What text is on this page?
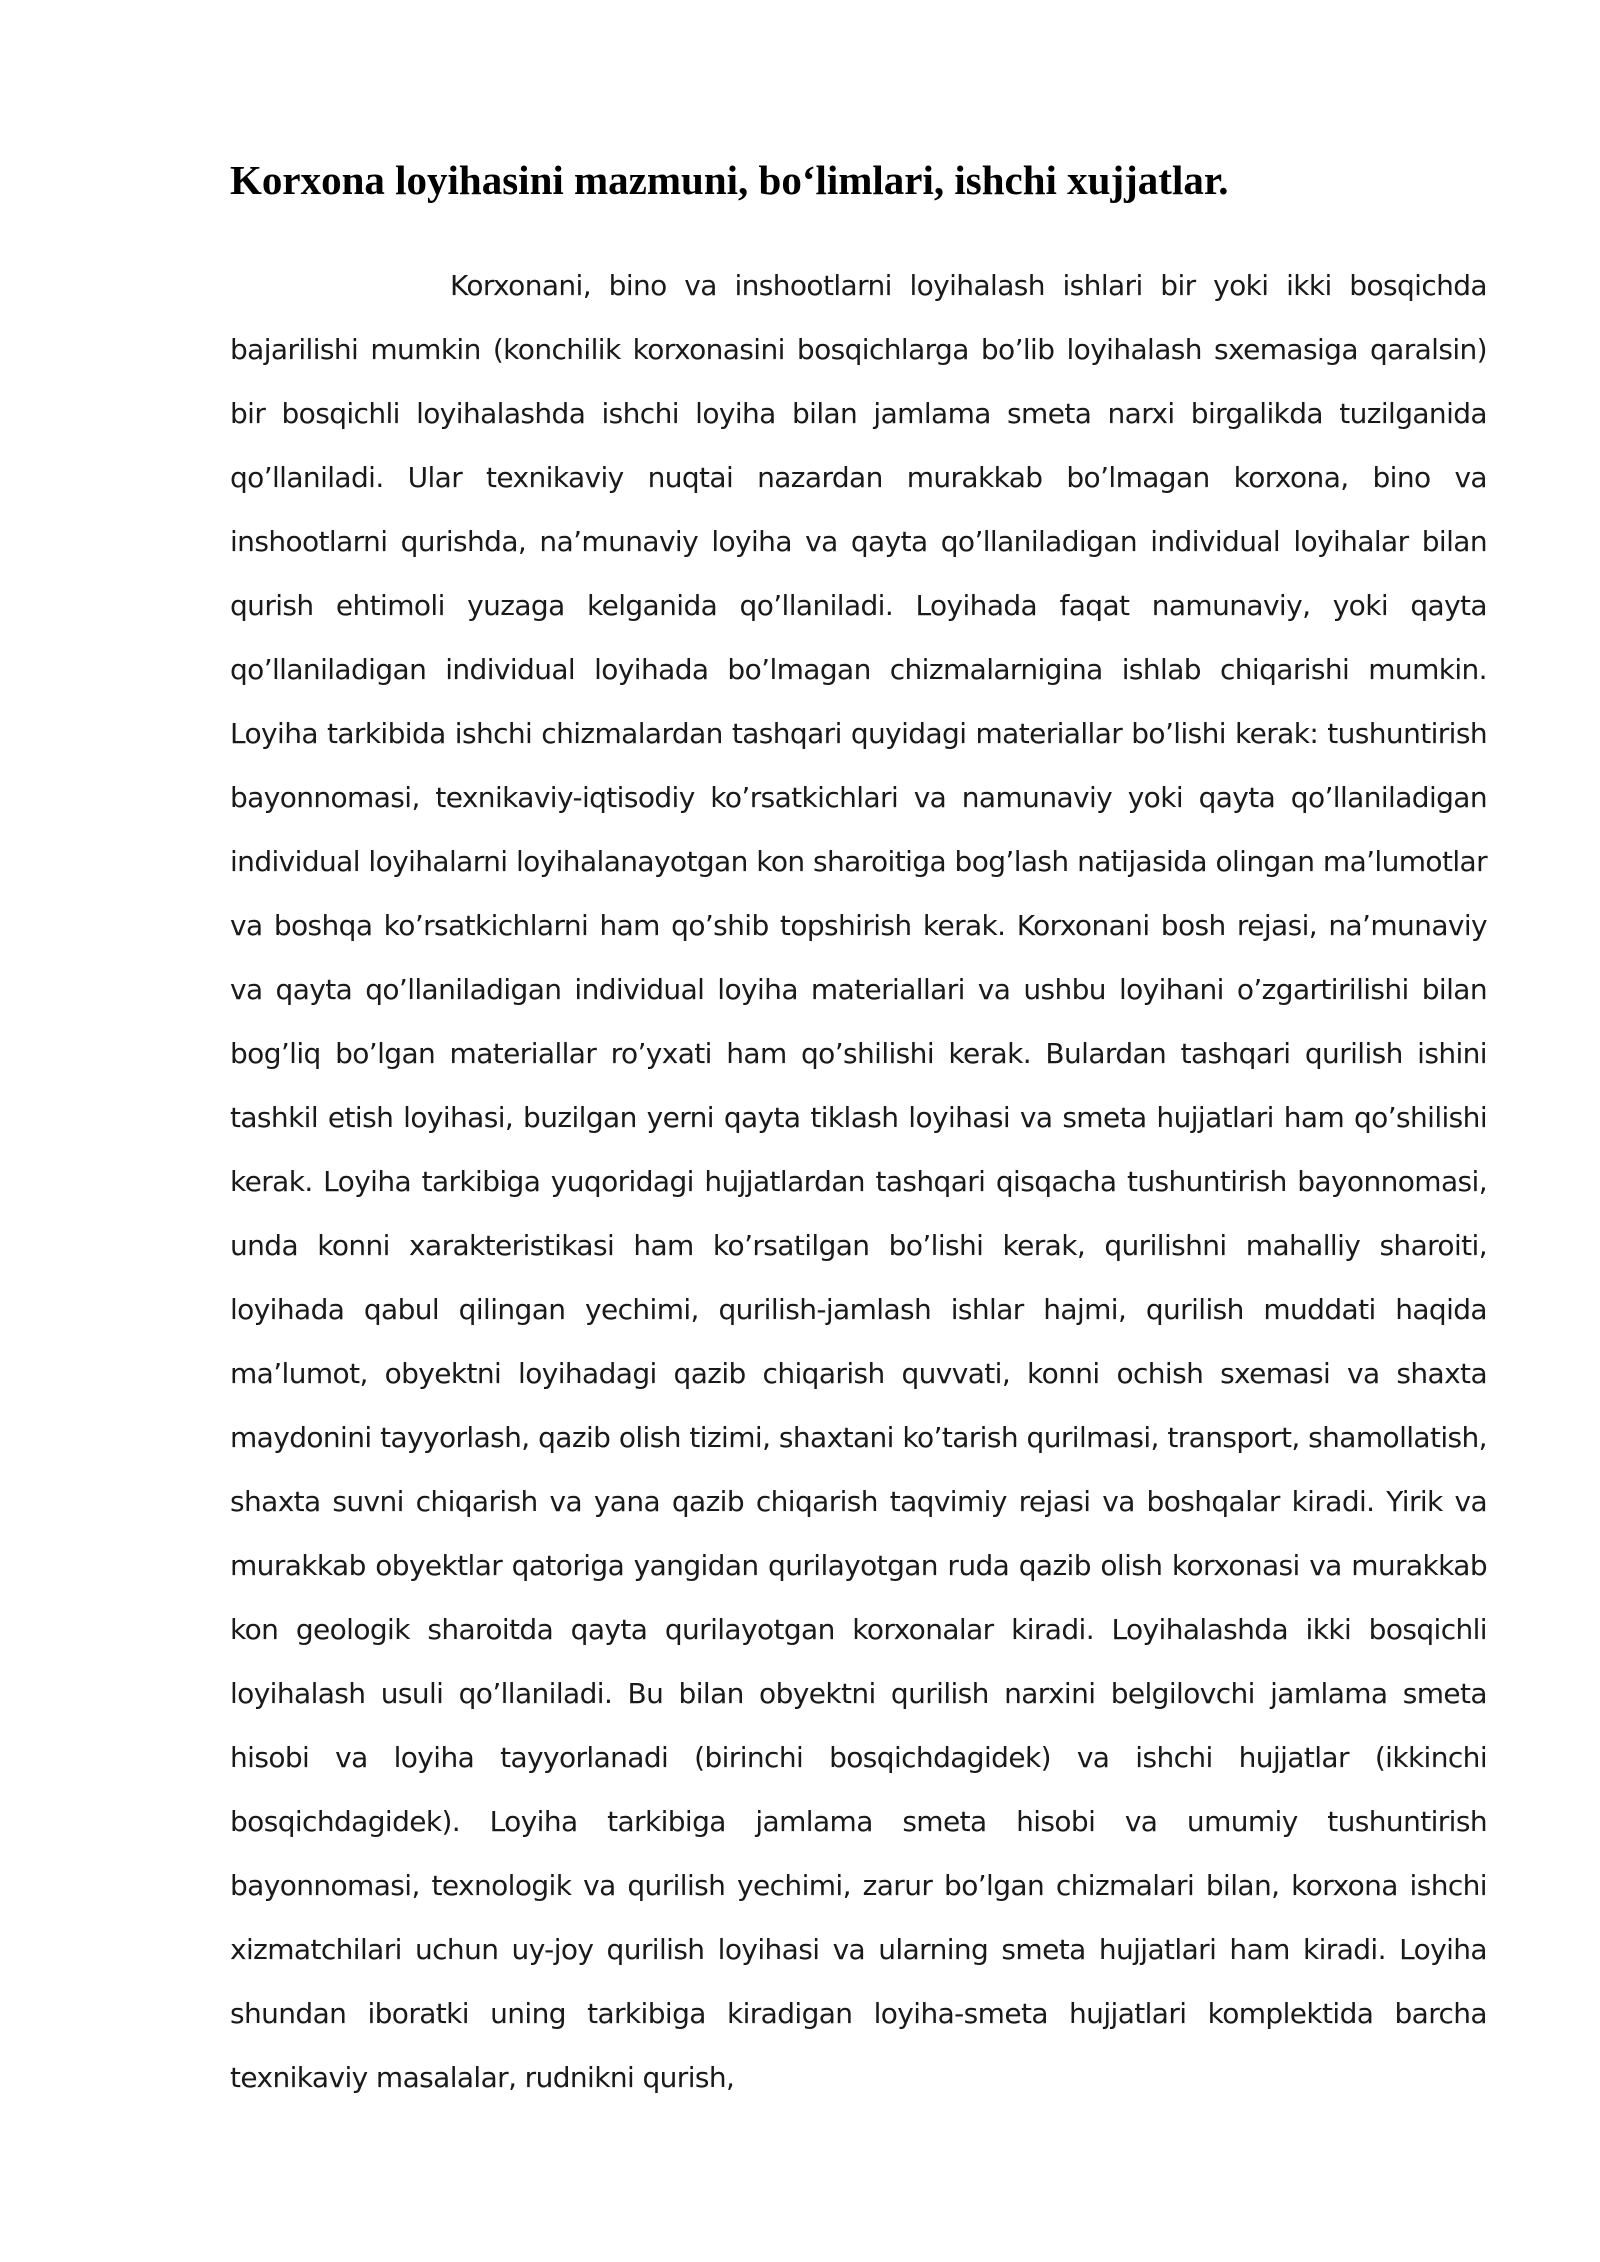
Korxona loyihasini mazmuni, bo‘limlari, ishchi xujjatlar.

Korxonani, bino va inshootlarni loyihalash ishlari bir yoki ikki bosqichda bajarilishi mumkin (konchilik korxonasini bosqichlarga bo’lib loyihalash sxemasiga qaralsin) bir bosqichli loyihalashda ishchi loyiha bilan jamlama smeta narxi birgalikda tuzilganida qo’llaniladi. Ular texnikaviy nuqtai nazardan murakkab bo’lmagan korxona, bino va inshootlarni qurishda, na’munaviy loyiha va qayta qo’llaniladigan individual loyihalar bilan qurish ehtimoli yuzaga kelganida qo’llaniladi. Loyihada faqat namunaviy, yoki qayta qo’llaniladigan individual loyihada bo’lmagan chizmalarnigina ishlab chiqarishi mumkin. Loyiha tarkibida ishchi chizmalardan tashqari quyidagi materiallar bo’lishi kerak: tushuntirish bayonnomasi, texnikaviy-iqtisodiy ko’rsatkichlari va namunaviy yoki qayta qo’llaniladigan individual loyihalarni loyihalanayotgan kon sharoitiga bog’lash natijasida olingan ma’lumotlar va boshqa ko’rsatkichlarni ham qo’shib topshirish kerak. Korxonani bosh rejasi, na’munaviy va qayta qo’llaniladigan individual loyiha materiallari va ushbu loyihani o’zgartirilishi bilan bog’liq bo’lgan materiallar ro’yxati ham qo’shilishi kerak. Bulardan tashqari qurilish ishini tashkil etish loyihasi, buzilgan yerni qayta tiklash loyihasi va smeta hujjatlari ham qo’shilishi kerak. Loyiha tarkibiga yuqoridagi hujjatlardan tashqari qisqacha tushuntirish bayonnomasi, unda konni xarakteristikasi ham ko’rsatilgan bo’lishi kerak, qurilishni mahalliy sharoiti, loyihada qabul qilingan yechimi, qurilish-jamlash ishlar hajmi, qurilish muddati haqida ma’lumot, obyektni loyihadagi qazib chiqarish quvvati, konni ochish sxemasi va shaxta maydonini tayyorlash, qazib olish tizimi, shaxtani ko’tarish qurilmasi, transport, shamollatish, shaxta suvni chiqarish va yana qazib chiqarish taqvimiy rejasi va boshqalar kiradi. Yirik va murakkab obyektlar qatoriga yangidan qurilayotgan ruda qazib olish korxonasi va murakkab kon geologik sharoitda qayta qurilayotgan korxonalar kiradi. Loyihalashda ikki bosqichli loyihalash usuli qo’llaniladi. Bu bilan obyektni qurilish narxini belgilovchi jamlama smeta hisobi va loyiha tayyorlanadi (birinchi bosqichdagidek) va ishchi hujjatlar (ikkinchi bosqichdagidek). Loyiha tarkibiga jamlama smeta hisobi va umumiy tushuntirish bayonnomasi, texnologik va qurilish yechimi, zarur bo’lgan chizmalari bilan, korxona ishchi xizmatchilari uchun uy-joy qurilish loyihasi va ularning smeta hujjatlari ham kiradi. Loyiha shundan iboratki uning tarkibiga kiradigan loyiha-smeta hujjatlari komplektida barcha texnikaviy masalalar, rudnikni qurish,
